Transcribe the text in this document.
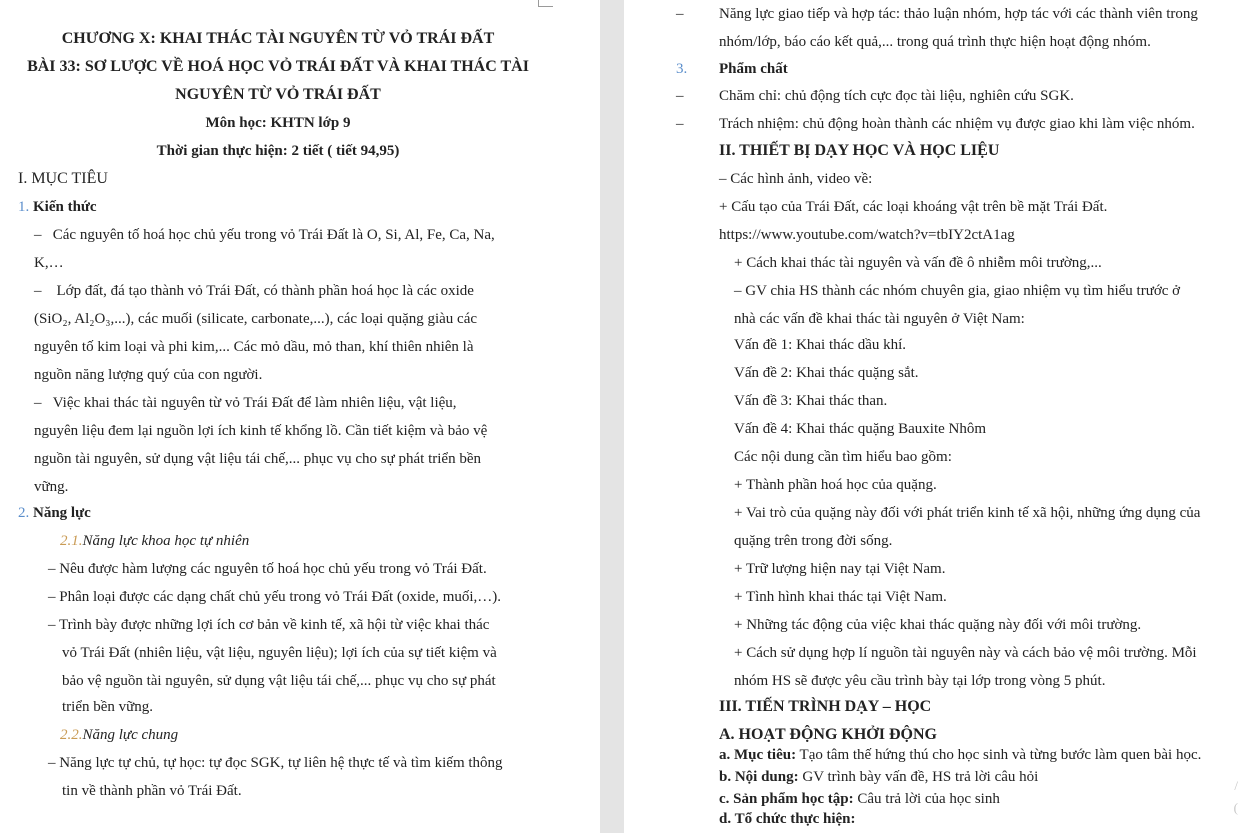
CHƯƠNG X: KHAI THÁC TÀI NGUYÊN TỪ VỎ TRÁI ĐẤT
BÀI 33: SƠ LƯỢC VỀ HOÁ HỌC VỎ TRÁI ĐẤT VÀ KHAI THÁC TÀI
NGUYÊN TỪ VỎ TRÁI ĐẤT
Môn học: KHTN lớp 9
Thời gian thực hiện: 2 tiết ( tiết 94,95)
I. MỤC TIÊU
1. Kiến thức
– Các nguyên tố hoá học chủ yếu trong vỏ Trái Đất là O, Si, Al, Fe, Ca, Na,
K,…
– Lớp đất, đá tạo thành vỏ Trái Đất, có thành phần hoá học là các oxide
(SiO₂, Al₂O₃,...), các muối (silicate, carbonate,...), các loại quặng giàu các
nguyên tố kim loại và phi kim,... Các mỏ dầu, mỏ than, khí thiên nhiên là
nguồn năng lượng quý của con người.
– Việc khai thác tài nguyên từ vỏ Trái Đất để làm nhiên liệu, vật liệu,
nguyên liệu đem lại nguồn lợi ích kinh tế khổng lồ. Cần tiết kiệm và bảo vệ
nguồn tài nguyên, sử dụng vật liệu tái chế,... phục vụ cho sự phát triển bền
vững.
2. Năng lực
2.1.Năng lực khoa học tự nhiên
– Nêu được hàm lượng các nguyên tố hoá học chủ yếu trong vỏ Trái Đất.
– Phân loại được các dạng chất chủ yếu trong vỏ Trái Đất (oxide, muối,…).
– Trình bày được những lợi ích cơ bản về kinh tế, xã hội từ việc khai thác
vỏ Trái Đất (nhiên liệu, vật liệu, nguyên liệu); lợi ích của sự tiết kiệm và
bảo vệ nguồn tài nguyên, sử dụng vật liệu tái chế,... phục vụ cho sự phát
triển bền vững.
2.2.Năng lực chung
– Năng lực tự chủ, tự học: tự đọc SGK, tự liên hệ thực tế và tìm kiếm thông
tin về thành phần vỏ Trái Đất.
– Năng lực giao tiếp và hợp tác: thảo luận nhóm, hợp tác với các thành viên trong
nhóm/lớp, báo cáo kết quả,... trong quá trình thực hiện hoạt động nhóm.
3. Phẩm chất
– Chăm chỉ: chủ động tích cực đọc tài liệu, nghiên cứu SGK.
– Trách nhiệm: chủ động hoàn thành các nhiệm vụ được giao khi làm việc nhóm.
II. THIẾT BỊ DẠY HỌC VÀ HỌC LIỆU
– Các hình ảnh, video về:
+ Cấu tạo của Trái Đất, các loại khoáng vật trên bề mặt Trái Đất.
https://www.youtube.com/watch?v=tbIY2ctA1ag
+ Cách khai thác tài nguyên và vấn đề ô nhiễm môi trường,...
– GV chia HS thành các nhóm chuyên gia, giao nhiệm vụ tìm hiểu trước ở
nhà các vấn đề khai thác tài nguyên ở Việt Nam:
Vấn đề 1: Khai thác dầu khí.
Vấn đề 2: Khai thác quặng sắt.
Vấn đề 3: Khai thác than.
Vấn đề 4: Khai thác quặng Bauxite Nhôm
Các nội dung cần tìm hiểu bao gồm:
+ Thành phần hoá học của quặng.
+ Vai trò của quặng này đối với phát triển kinh tế xã hội, những ứng dụng của
quặng trên trong đời sống.
+ Trữ lượng hiện nay tại Việt Nam.
+ Tình hình khai thác tại Việt Nam.
+ Những tác động của việc khai thác quặng này đối với môi trường.
+ Cách sử dụng hợp lí nguồn tài nguyên này và cách bảo vệ môi trường. Mỗi
nhóm HS sẽ được yêu cầu trình bày tại lớp trong vòng 5 phút.
III. TIẾN TRÌNH DẠY – HỌC
A. HOẠT ĐỘNG KHỞI ĐỘNG
a. Mục tiêu: Tạo tâm thế hứng thú cho học sinh và từng bước làm quen bài học.
b. Nội dung: GV trình bày vấn đề, HS trả lời câu hỏi
c. Sản phẩm học tập: Câu trả lời của học sinh
d. Tổ chức thực hiện:
/
(
